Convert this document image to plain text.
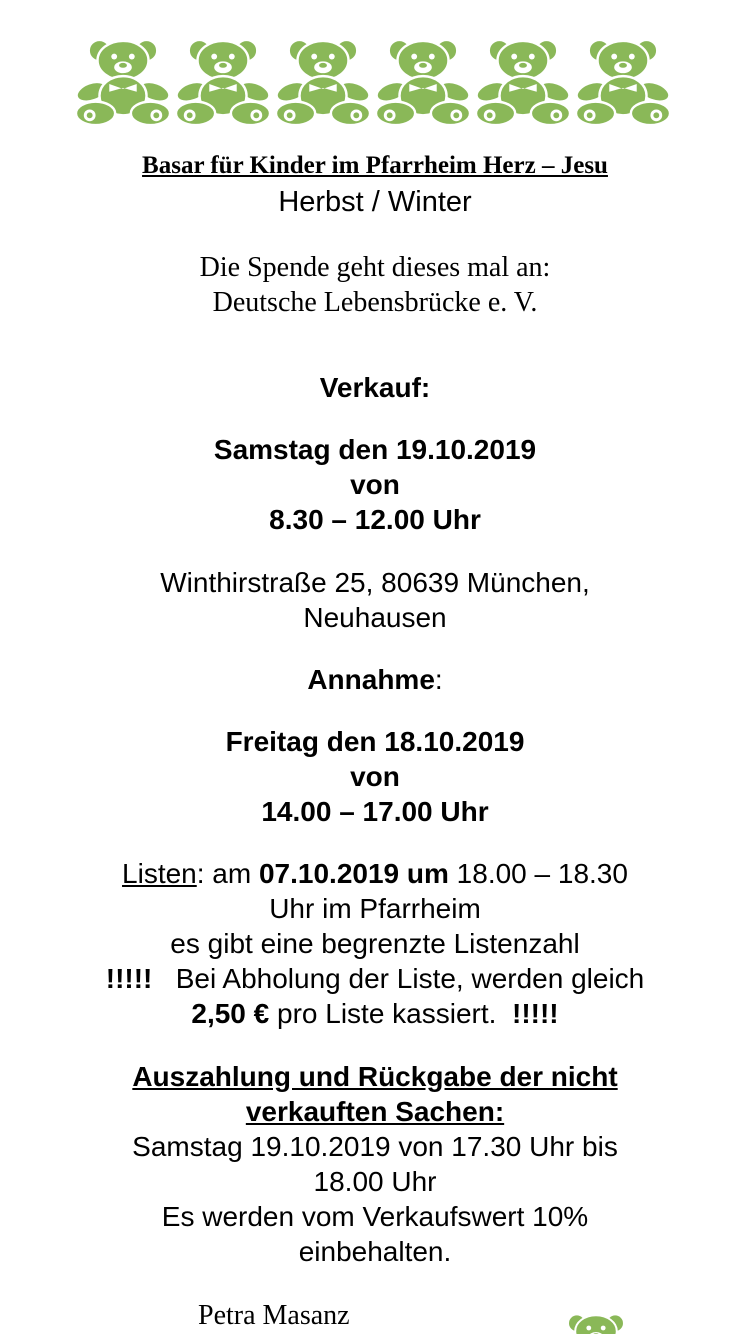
Basar für Kinder im Pfarrheim Herz – Jesu
Herbst / Winter
Die Spende geht dieses mal an:
Deutsche Lebensbrücke e. V.
Verkauf:
Samstag den 19.10.2019
von
8.30 – 12.00 Uhr
Winthirstraße 25, 80639 München,
Neuhausen
Annahme:
Freitag den 18.10.2019
von
14.00 – 17.00 Uhr
Listen: am 07.10.2019 um 18.00 – 18.30
Uhr im Pfarrheim
es gibt eine begrenzte Listenzahl
!!!!!   Bei Abholung der Liste, werden gleich
2,50 € pro Liste kassiert.  !!!!!
Auszahlung und Rückgabe der nicht
verkauften Sachen:
Samstag 19.10.2019 von 17.30 Uhr bis
18.00 Uhr
Es werden vom Verkaufswert 10%
einbehalten.
Petra Masanz
